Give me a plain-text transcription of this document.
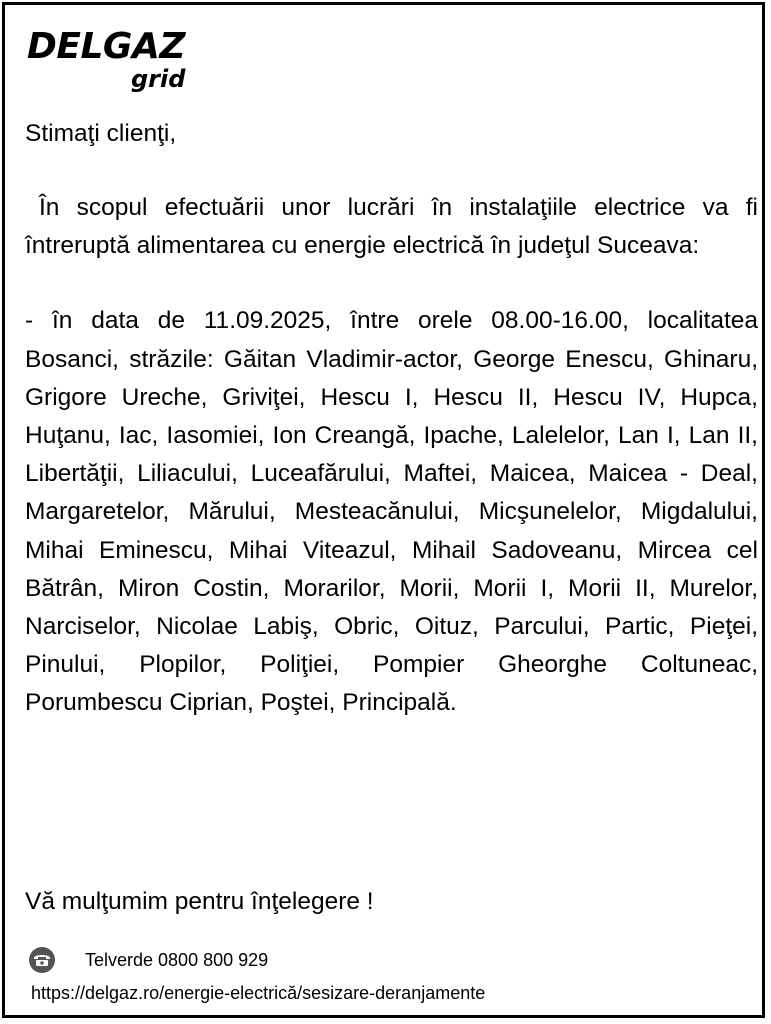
DELGAZ
grid

Stimaţi clienţi,

În scopul efectuării unor lucrări în instalaţiile electrice va fi întreruptă alimentarea cu energie electrică în judeţul Suceava:

- în data de 11.09.2025, între orele 08.00-16.00, localitatea Bosanci, străzile: Găitan Vladimir-actor, George Enescu, Ghinaru, Grigore Ureche, Griviţei, Hescu I, Hescu II, Hescu IV, Hupca, Huţanu, Iac, Iasomiei, Ion Creangă, Ipache, Lalelelor, Lan I, Lan II, Libertăţii, Liliacului, Luceafărului, Maftei, Maicea, Maicea - Deal, Margaretelor, Mărului, Mesteacănului, Micşunelelor, Migdalului, Mihai Eminescu, Mihai Viteazul, Mihail Sadoveanu, Mircea cel Bătrân, Miron Costin, Morarilor, Morii, Morii I, Morii II, Murelor, Narciselor, Nicolae Labiş, Obric, Oituz, Parcului, Partic, Pieţei, Pinului, Plopilor, Poliţiei, Pompier Gheorghe Coltuneac, Porumbescu Ciprian, Poştei, Principală.

Vă mulţumim pentru înţelegere !
Telverde 0800 800 929
https://delgaz.ro/energie-electrică/sesizare-deranjamente
